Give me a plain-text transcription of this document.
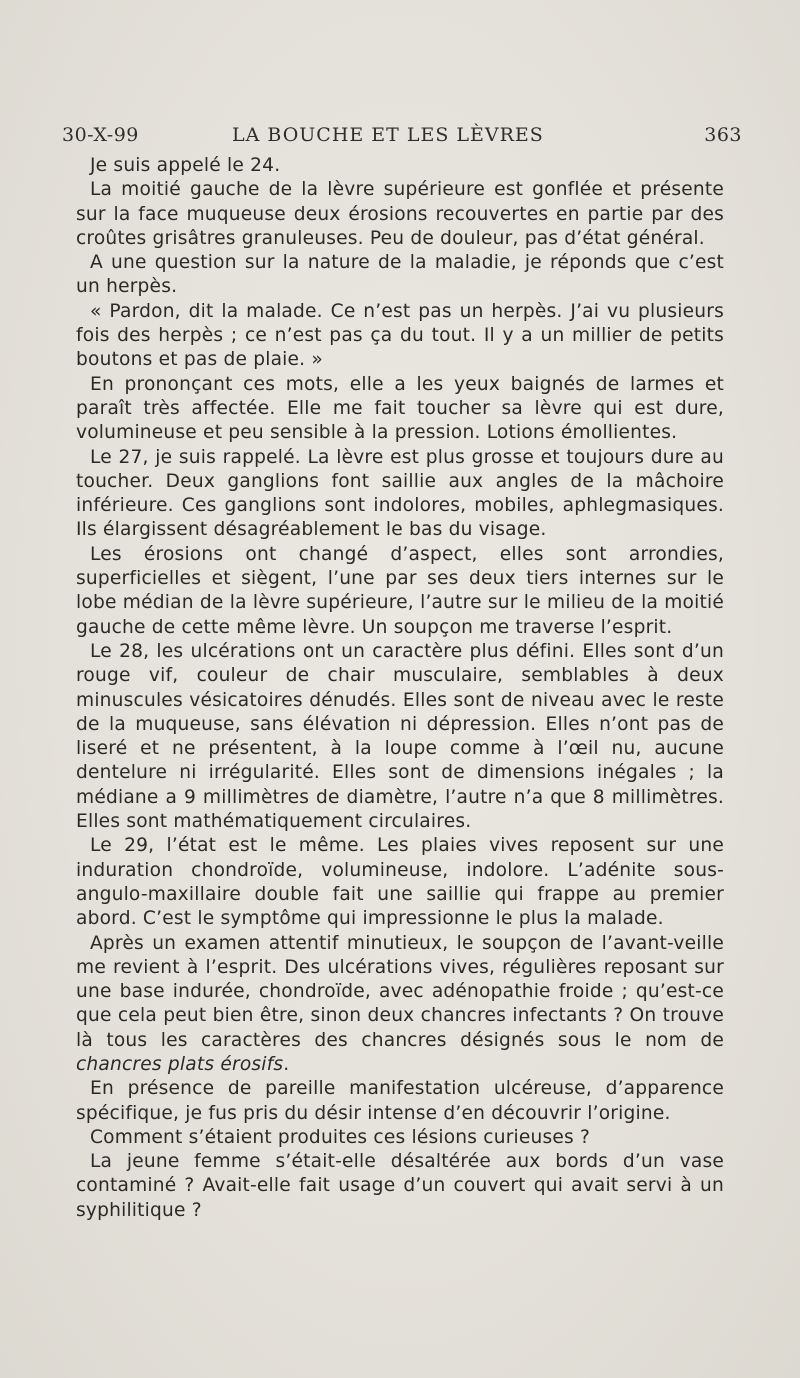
30-X-99	LA BOUCHE ET LES LÈVRES	363

Je suis appelé le 24.

La moitié gauche de la lèvre supérieure est gonflée et présente sur la face muqueuse deux érosions recouvertes en partie par des croûtes grisâtres granuleuses. Peu de douleur, pas d’état général.

A une question sur la nature de la maladie, je réponds que c’est un herpès.

« Pardon, dit la malade. Ce n’est pas un herpès. J’ai vu plusieurs fois des herpès ; ce n’est pas ça du tout. Il y a un millier de petits boutons et pas de plaie. »

En prononçant ces mots, elle a les yeux baignés de larmes et paraît très affectée. Elle me fait toucher sa lèvre qui est dure, volumineuse et peu sensible à la pression. Lotions émollientes.

Le 27, je suis rappelé. La lèvre est plus grosse et toujours dure au toucher. Deux ganglions font saillie aux angles de la mâchoire inférieure. Ces ganglions sont indolores, mobiles, aphlegmasiques. Ils élargissent désagréablement le bas du visage.

Les érosions ont changé d’aspect, elles sont arrondies, superficielles et siègent, l’une par ses deux tiers internes sur le lobe médian de la lèvre supérieure, l’autre sur le milieu de la moitié gauche de cette même lèvre. Un soupçon me traverse l’esprit.

Le 28, les ulcérations ont un caractère plus défini. Elles sont d’un rouge vif, couleur de chair musculaire, semblables à deux minuscules vésicatoires dénudés. Elles sont de niveau avec le reste de la muqueuse, sans élévation ni dépression. Elles n’ont pas de liseré et ne présentent, à la loupe comme à l’œil nu, aucune dentelure ni irrégularité. Elles sont de dimensions inégales ; la médiane a 9 millimètres de diamètre, l’autre n’a que 8 millimètres. Elles sont mathématiquement circulaires.

Le 29, l’état est le même. Les plaies vives reposent sur une induration chondroïde, volumineuse, indolore. L’adénite sous-angulo-maxillaire double fait une saillie qui frappe au premier abord. C’est le symptôme qui impressionne le plus la malade.

Après un examen attentif minutieux, le soupçon de l’avant-veille me revient à l’esprit. Des ulcérations vives, régulières reposant sur une base indurée, chondroïde, avec adénopathie froide ; qu’est-ce que cela peut bien être, sinon deux chancres infectants ? On trouve là tous les caractères des chancres désignés sous le nom de chancres plats érosifs.

En présence de pareille manifestation ulcéreuse, d’apparence spécifique, je fus pris du désir intense d’en découvrir l’origine.

Comment s’étaient produites ces lésions curieuses ?

La jeune femme s’était-elle désaltérée aux bords d’un vase contaminé ? Avait-elle fait usage d’un couvert qui avait servi à un syphilitique ?
